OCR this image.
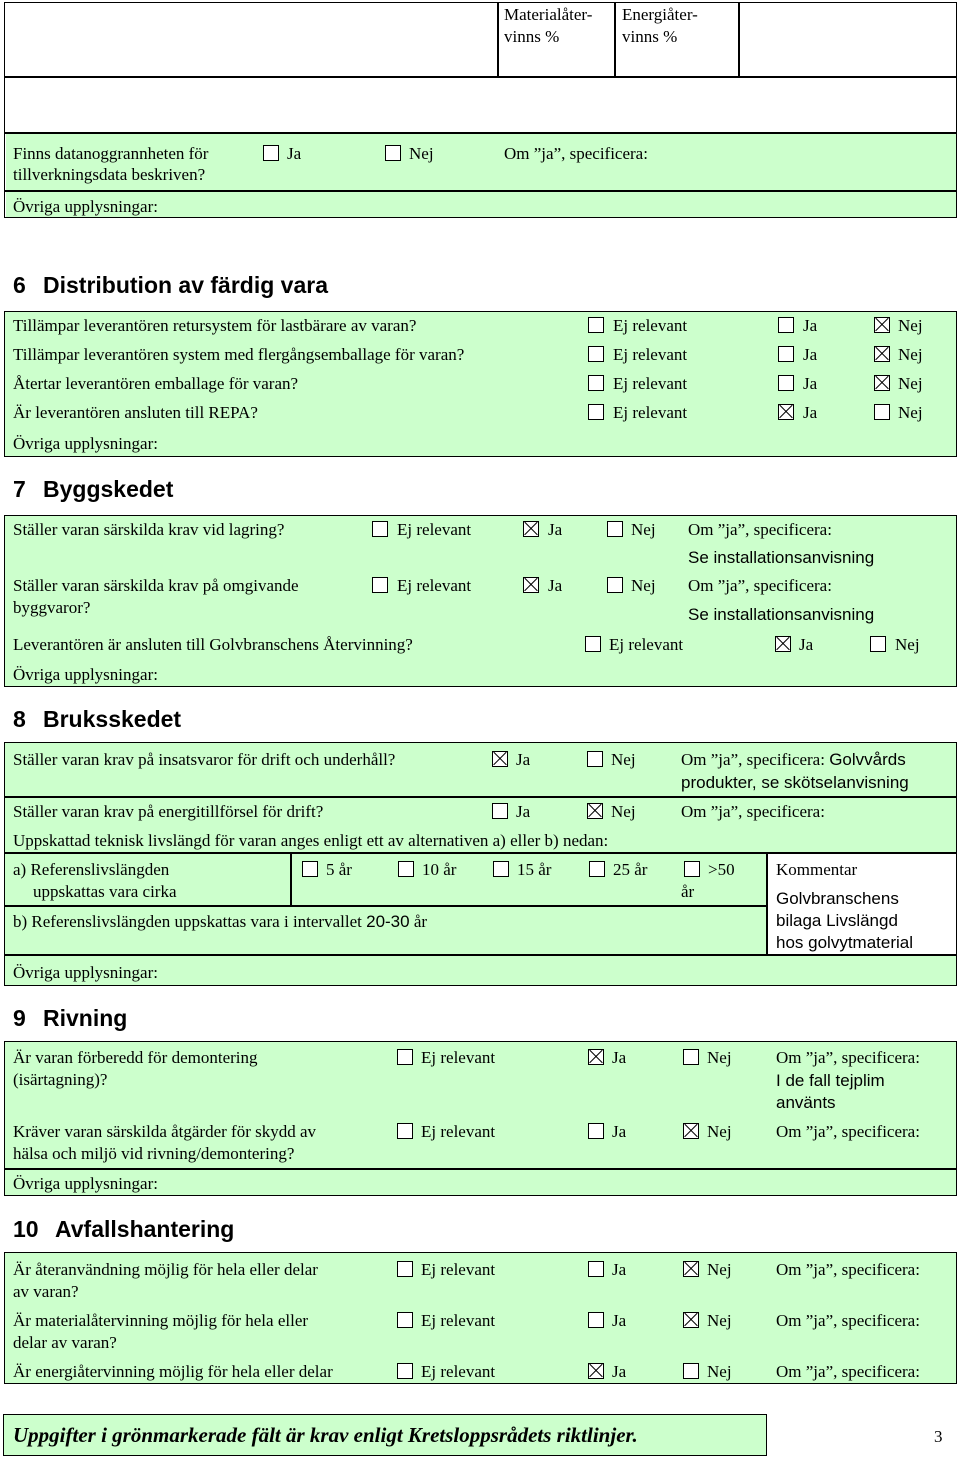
Materialåter-
vinns %
Energiåter-
vinns %
Finns datanoggrannheten för
tillverkningsdata beskriven?
Ja	Nej	Om ”ja”, specificera:
Övriga upplysningar:
6 Distribution av färdig vara
Tillämpar leverantören retursystem för lastbärare av varan?	Ej relevant	Ja	Nej
Tillämpar leverantören system med flergångsemballage för varan?	Ej relevant	Ja	Nej
Återtar leverantören emballage för varan?	Ej relevant	Ja	Nej
Är leverantören ansluten till REPA?	Ej relevant	Ja	Nej
Övriga upplysningar:
7 Byggskedet
Ställer varan särskilda krav vid lagring?	Ej relevant	Ja	Nej Om ”ja”, specificera:
Se installationsanvisning
Ställer varan särskilda krav på omgivande
byggvaror?
Ej relevant	Ja	Nej Om ”ja”, specificera:
Se installationsanvisning
Leverantören är ansluten till Golvbranschens Återvinning?	Ej relevant	Ja	Nej
Övriga upplysningar:
8 Bruksskedet
Ställer varan krav på insatsvaror för drift och underhåll?	Ja	Nej	Om ”ja”, specificera: Golvvårds
produkter, se skötselanvisning
Ställer varan krav på energitillförsel för drift?	Ja	Nej	Om ”ja”, specificera:
Uppskattad teknisk livslängd för varan anges enligt ett av alternativen a) eller b) nedan:
a) Referenslivslängden
uppskattas vara cirka
5 år	10 år	15 år	25 år	>50
år
b) Referenslivslängden uppskattas vara i intervallet 20-30 år
Kommentar
Golvbranschens
bilaga Livslängd
hos golvytmaterial
Övriga upplysningar:
9 Rivning
Är varan förberedd för demontering
(isärtagning)?
Ej relevant	Ja	Nej	Om ”ja”, specificera:
I de fall tejplim
använts
Kräver varan särskilda åtgärder för skydd av
hälsa och miljö vid rivning/demontering?
Ej relevant	Ja	Nej	Om ”ja”, specificera:
Övriga upplysningar:
10 Avfallshantering
Är återanvändning möjlig för hela eller delar
av varan?
Ej relevant	Ja	Nej	Om ”ja”, specificera:
Är materialåtervinning möjlig för hela eller
delar av varan?
Ej relevant	Ja	Nej	Om ”ja”, specificera:
Är energiåtervinning möjlig för hela eller delar	Ej relevant	Ja	Nej	Om ”ja”, specificera:
Uppgifter i grönmarkerade fält är krav enligt Kretsloppsrådets riktlinjer.	3
